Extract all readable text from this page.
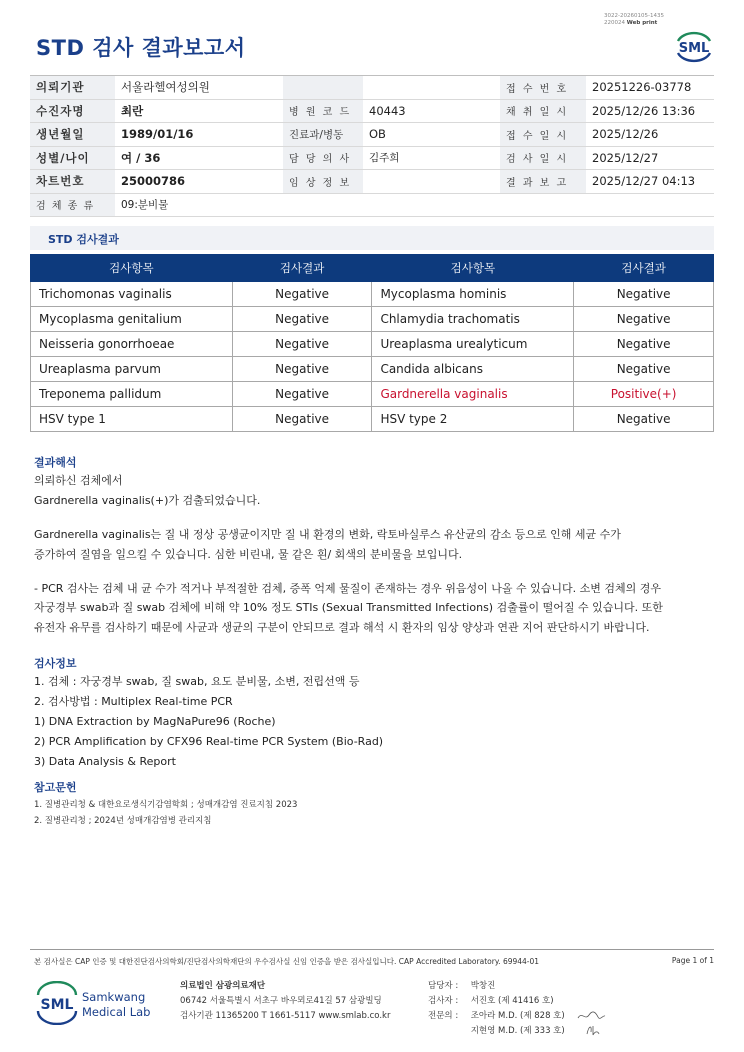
STD 검사 결과보고서
3022-20260105-1435
220024 Web print
SML
의뢰기관	서울라헬여성의원			접 수 번 호	20251226-03778
수진자명	최란	병 원 코 드	40443	채 취 일 시	2025/12/26 13:36
생년월일	1989/01/16	진료과/병동	OB	접 수 일 시	2025/12/26
성별/나이	여 / 36	담 당 의 사	김주희	검 사 일 시	2025/12/27
차트번호	25000786	임 상 정 보		결 과 보 고	2025/12/27 04:13
검 체 종 류	09:분비물				
STD 검사결과
검사항목	검사결과	검사항목	검사결과
Trichomonas vaginalis	Negative	Mycoplasma hominis	Negative
Mycoplasma genitalium	Negative	Chlamydia trachomatis	Negative
Neisseria gonorrhoeae	Negative	Ureaplasma urealyticum	Negative
Ureaplasma parvum	Negative	Candida albicans	Negative
Treponema pallidum	Negative	Gardnerella vaginalis	Positive(+)
HSV type 1	Negative	HSV type 2	Negative
결과해석
의뢰하신 검체에서
Gardnerella vaginalis(+)가 검출되었습니다.
Gardnerella vaginalis는 질 내 정상 공생균이지만 질 내 환경의 변화, 락토바실루스 유산균의 감소 등으로 인해 세균 수가
증가하여 질염을 일으킬 수 있습니다. 심한 비린내, 물 같은 흰/ 회색의 분비물을 보입니다.
- PCR 검사는 검체 내 균 수가 적거나 부적절한 검체, 증폭 억제 물질이 존재하는 경우 위음성이 나올 수 있습니다. 소변 검체의 경우
자궁경부 swab과 질 swab 검체에 비해 약 10% 정도 STIs (Sexual Transmitted Infections) 검출률이 떨어질 수 있습니다. 또한
유전자 유무를 검사하기 때문에 사균과 생균의 구분이 안되므로 결과 해석 시 환자의 임상 양상과 연관 지어 판단하시기 바랍니다.
검사정보
1. 검체 : 자궁경부 swab, 질 swab, 요도 분비물, 소변, 전립선액 등
2. 검사방법 : Multiplex Real-time PCR
1) DNA Extraction by MagNaPure96 (Roche)
2) PCR Amplification by CFX96 Real-time PCR System (Bio-Rad)
3) Data Analysis & Report
참고문헌
1. 질병관리청 & 대한요로생식기감염학회 ; 성매개감염 진료지침 2023
2. 질병관리청 ; 2024년 성매개감염병 관리지침
본 검사실은 CAP 인증 및 대한진단검사의학회/진단검사의학재단의 우수검사실 신임 인증을 받은 검사실입니다. CAP Accredited Laboratory. 69944-01	Page 1 of 1
SML Samkwang
Medical Lab
의료법인 삼광의료재단
06742 서울특별시 서초구 바우뫼로41길 57 삼광빌딩
검사기관 11365200 T 1661-5117 www.smlab.co.kr
담당자 : 박창진
검사자 : 서진호 (제 41416 호)
전문의 : 조아라 M.D. (제 828 호)
지현영 M.D. (제 333 호)
